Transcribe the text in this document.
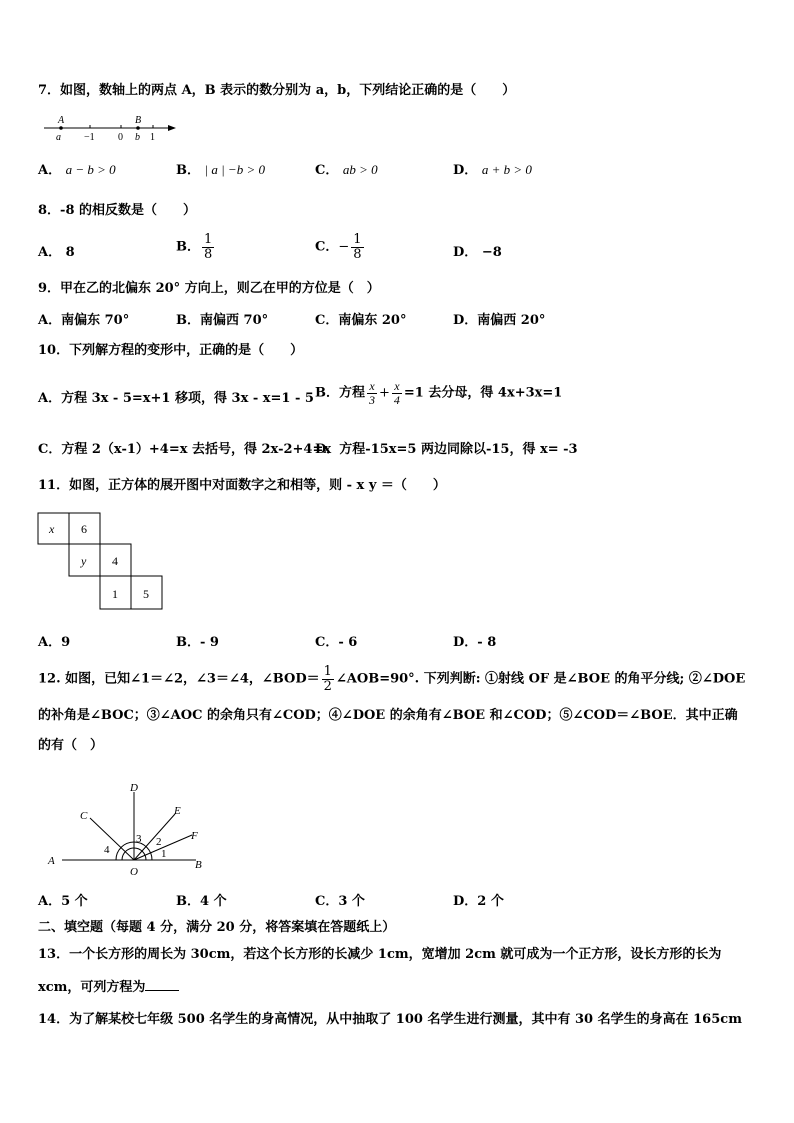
7．如图，数轴上的两点 A，B 表示的数分别为 a，b，下列结论正确的是（　　）
A
a −1 0
B
b 1
A． a − b > 0	B． | a | −b > 0	C． ab > 0	D． a + b > 0
8．-8 的相反数是（　　）
A． 8	B． $\frac{1}{8}$	C．− $\frac{1}{8}$	D． −8
9．甲在乙的北偏东 20° 方向上，则乙在甲的方位是（　）
A．南偏东 70°	B．南偏西 70°	C．南偏东 20°	D．南偏西 20°
10．下列解方程的变形中，正确的是（　　）
A．方程 3x - 5=x+1 移项，得 3x - x=1 - 5 B．方程 $\frac{x}{3} + \frac{x}{4} =1$ 去分母，得 4x+3x=1
C．方程 2（x-1）+4=x 去括号，得 2x-2+4=x
D．方程-15x=5 两边同除以-15，得 x= -3
11．如图，正方体的展开图中对面数字之和相等，则 - x y ＝（　　）
x 6
y 4
1 5
A．9	B．- 9	C．- 6	D．- 8
12. 如图，已知∠1＝∠2，∠3＝∠4，∠BOD＝ $\frac{1}{2}$ ∠AOB=90°. 下列判断: ①射线 OF 是∠BOE 的角平分线; ②∠DOE
的补角是∠BOC；③∠AOC 的余角只有∠COD；④∠DOE 的余角有∠BOE 和∠COD；⑤∠COD＝∠BOE．其中正确
的有（　）
D
C	E
F
A	B
O
1
2
3
4
A．5 个	B．4 个	C．3 个	D．2 个
二、填空题（每题 4 分，满分 20 分，将答案填在答题纸上）
13．一个长方形的周长为 30cm，若这个长方形的长减少 1cm，宽增加 2cm 就可成为一个正方形，设长方形的长为
xcm，可列方程为
14．为了解某校七年级 500 名学生的身高情况，从中抽取了 100 名学生进行测量，其中有 30 名学生的身高在 165cm
